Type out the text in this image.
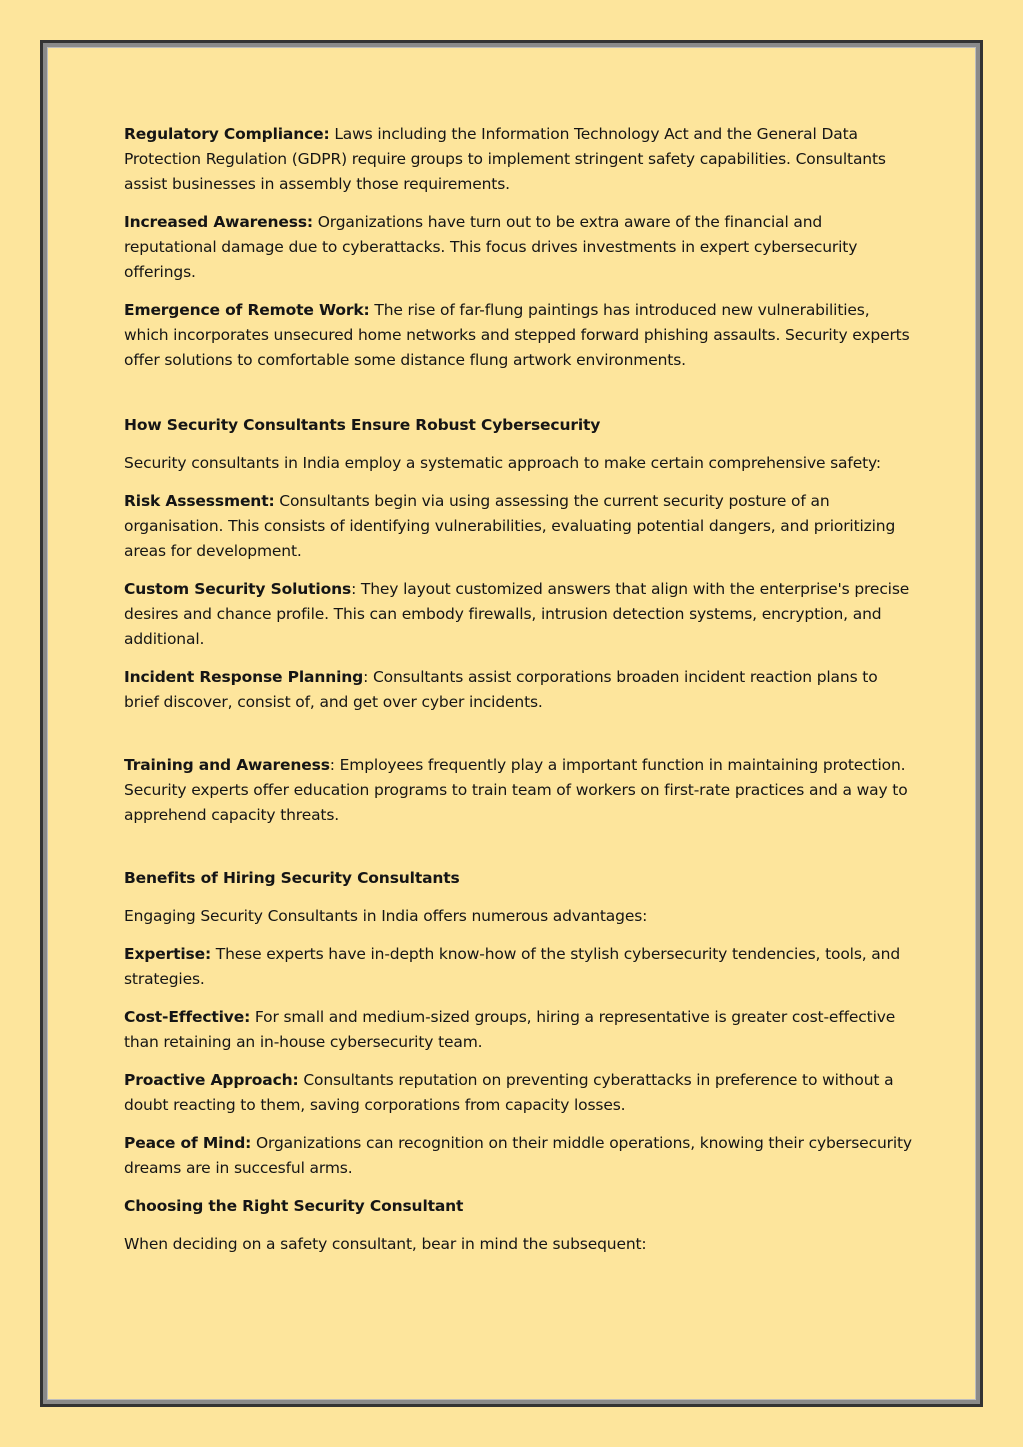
Regulatory Compliance: Laws including the Information Technology Act and the General Data Protection Regulation (GDPR) require groups to implement stringent safety capabilities. Consultants assist businesses in assembly those requirements.

Increased Awareness: Organizations have turn out to be extra aware of the financial and reputational damage due to cyberattacks. This focus drives investments in expert cybersecurity offerings.

Emergence of Remote Work: The rise of far-flung paintings has introduced new vulnerabilities, which incorporates unsecured home networks and stepped forward phishing assaults. Security experts offer solutions to comfortable some distance flung artwork environments.

How Security Consultants Ensure Robust Cybersecurity

Security consultants in India employ a systematic approach to make certain comprehensive safety:

Risk Assessment: Consultants begin via using assessing the current security posture of an organisation. This consists of identifying vulnerabilities, evaluating potential dangers, and prioritizing areas for development.

Custom Security Solutions: They layout customized answers that align with the enterprise's precise desires and chance profile. This can embody firewalls, intrusion detection systems, encryption, and additional.

Incident Response Planning: Consultants assist corporations broaden incident reaction plans to brief discover, consist of, and get over cyber incidents.

Training and Awareness: Employees frequently play a important function in maintaining protection. Security experts offer education programs to train team of workers on first-rate practices and a way to apprehend capacity threats.

Benefits of Hiring Security Consultants

Engaging Security Consultants in India offers numerous advantages:

Expertise: These experts have in-depth know-how of the stylish cybersecurity tendencies, tools, and strategies.

Cost-Effective: For small and medium-sized groups, hiring a representative is greater cost-effective than retaining an in-house cybersecurity team.

Proactive Approach: Consultants reputation on preventing cyberattacks in preference to without a doubt reacting to them, saving corporations from capacity losses.

Peace of Mind: Organizations can recognition on their middle operations, knowing their cybersecurity dreams are in succesful arms.

Choosing the Right Security Consultant

When deciding on a safety consultant, bear in mind the subsequent:
